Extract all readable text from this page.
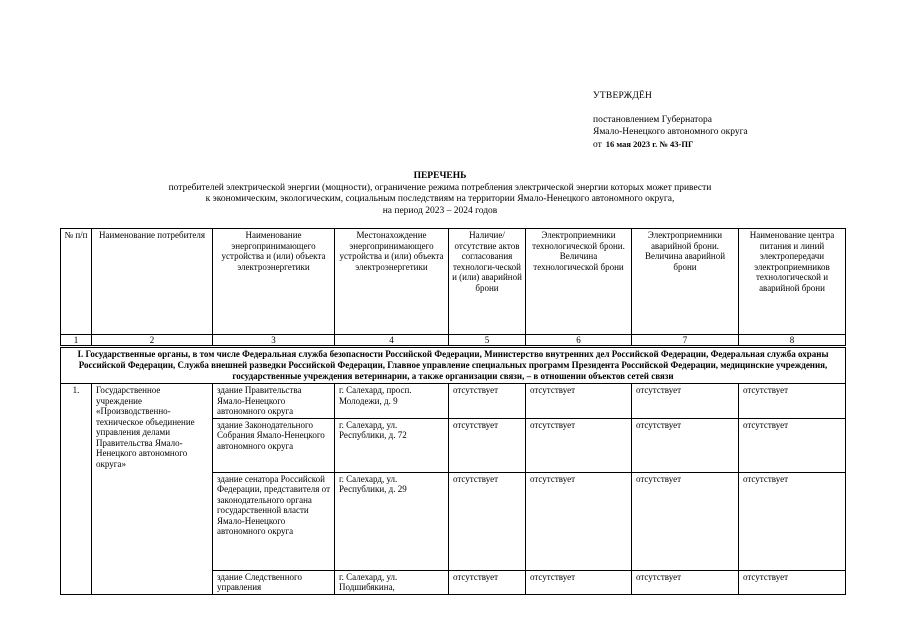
УТВЕРЖДЁН
постановлением Губернатора
Ямало-Ненецкого автономного округа
от 16 мая 2023 г. № 43-ПГ
ПЕРЕЧЕНЬ
потребителей электрической энергии (мощности), ограничение режима потребления электрической энергии которых может привести
к экономическим, экологическим, социальным последствиям на территории Ямало-Ненецкого автономного округа,
на период 2023 – 2024 годов
№ п/п	Наименование потребителя	Наименование энергопринимающего устройства и (или) объекта электроэнергетики	Местонахождение энергопринимающего устройства и (или) объекта электроэнергетики	Наличие/ отсутствие актов согласования технологи-ческой и (или) аварийной брони	Электроприемники технологической брони. Величина технологической брони	Электроприемники аварийной брони. Величина аварийной брони	Наименование центра питания и линий электропередачи электроприемников технологической и аварийной брони
1	2	3	4	5	6	7	8
I. Государственные органы, в том числе Федеральная служба безопасности Российской Федерации, Министерство внутренних дел Российской Федерации, Федеральная служба охраны Российской Федерации, Служба внешней разведки Российской Федерации, Главное управление специальных программ Президента Российской Федерации, медицинские учреждения, государственные учреждения ветеринарии, а также организации связи, – в отношении объектов сетей связи							
1.	Государственное учреждение «Производственно-техническое объединение управления делами Правительства Ямало-Ненецкого автономного округа»	здание Правительства Ямало-Ненецкого автономного округа	г. Салехард, просп. Молодежи, д. 9	отсутствует	отсутствует	отсутствует	отсутствует
		здание Законодательного Собрания Ямало-Ненецкого автономного округа	г. Салехард, ул. Республики, д. 72	отсутствует	отсутствует	отсутствует	отсутствует
		здание сенатора Российской Федерации, представителя от законодательного органа государственной власти Ямало-Ненецкого автономного округа	г. Салехард, ул. Республики, д. 29	отсутствует	отсутствует	отсутствует	отсутствует
		здание Следственного управления	г. Салехард, ул. Подшибякина,	отсутствует	отсутствует	отсутствует	отсутствует
